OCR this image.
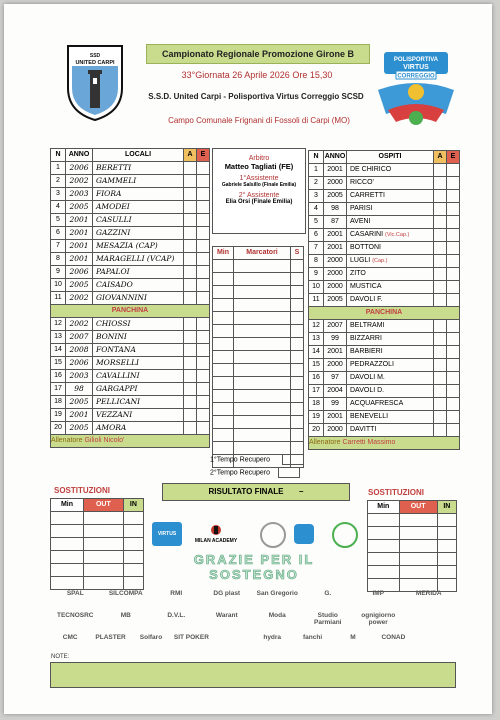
SSD
UNITED CARPI	POLISPORTIVA
VIRTUS
CORREGGIO
Campionato Regionale Promozione Girone B
33°Giornata 26 Aprile 2026 Ore 15,30
S.S.D. United Carpi - Polisportiva Virtus Correggio SCSD
Campo Comunale Frignani di Fossoli di Carpi (MO)
N	ANNO	LOCALI	A	E
1	2006	BERETTI		
2	2002	GAMMELI		
3	2003	FIORA		
4	2005	AMODEI		
5	2001	CASULLI		
6	2001	GAZZINI		
7	2001	MESAZIA (CAP)		
8	2001	MARAGELLI (VCAP)		
9	2006	PAPALOI		
10	2005	CAISADO		
11	2002	GIOVANNINI		
PANCHINA				
12	2002	CHIOSSI		
13	2007	BONINI		
14	2008	FONTANA		
15	2006	MORSELLI		
16	2003	CAVALLINI		
17	98	GARGAPPI		
18	2005	PELLICANI		
19	2001	VEZZANI		
20	2005	AMORA		
Allenatore Gilioli Nicolo'				
N	ANNO	OSPITI	A	E
1	2001	DE CHIRICO		
2	2000	RICCO'		
3	2005	CARRETTI		
4	98	PARISI		
5	87	AVENI		
6	2001	CASARINI (Vic.Cap.)		
7	2001	BOTTONI		
8	2000	LUGLI (Cap.)		
9	2000	ZITO		
10	2000	MUSTICA		
11	2005	DAVOLI F.		
PANCHINA				
12	2007	BELTRAMI		
13	99	BIZZARRI		
14	2001	BARBIERI		
15	2000	PEDRAZZOLI		
16	97	DAVOLI M.		
17	2004	DAVOLI D.		
18	99	ACQUAFRESCA		
19	2001	BENEVELLI		
20	2000	DAVITTI		
Allenatore Carretti Massimo				
Arbitro
Matteo Tagliati (FE)
1°Assistente
Gabriele Salsillo (Finale Emilia)
2° Assistente
Elia Orsi (Finale Emilia)
Min	Marcatori	S

1°Tempo Recupero
2°Tempo Recupero
RISULTATO FINALE –
SOSTITUZIONI
Min	OUT	IN

SOSTITUZIONI
Min	OUT	IN

VIRTUS

MILAN ACADEMY
GRAZIE PER IL SOSTEGNO
SPAL	SILCOMPA	RMI	DG plast	San Gregorio	G.	IMP	MERIDA
TECNOSRC	MB	D.V.L.	Warant	Moda	Studio Parmiani
ognigiorno power
CMC	PLASTER	Solfaro	SIT POKER	hydra	fanchi	M	CONAD
NOTE:
